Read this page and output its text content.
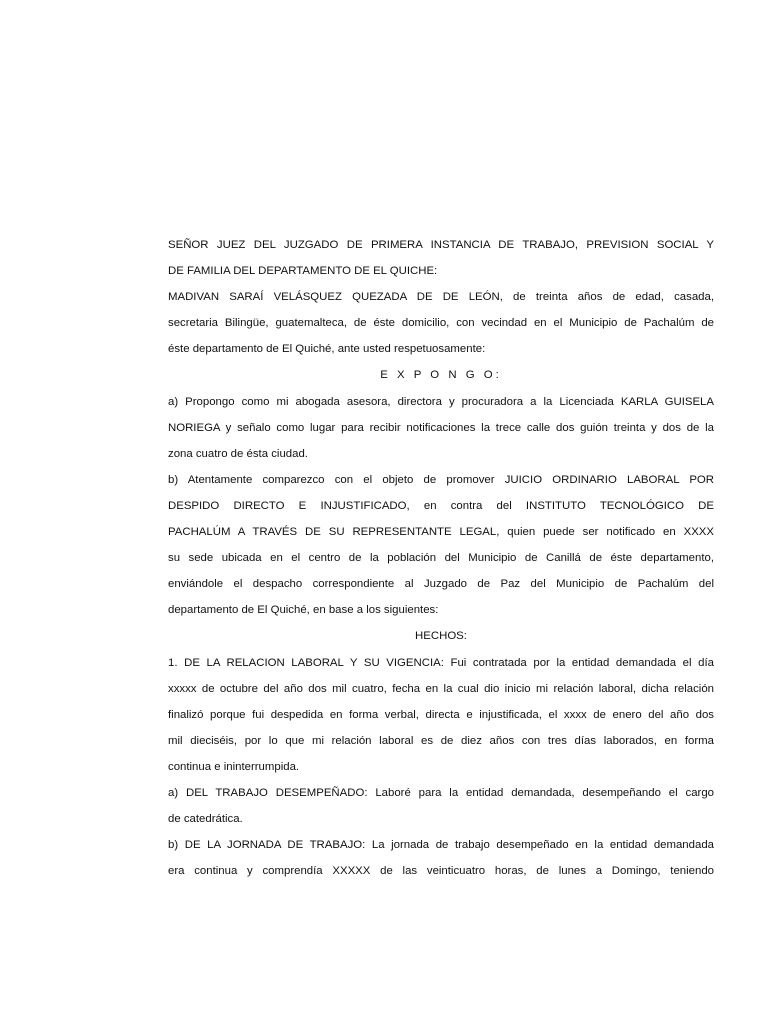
SEÑOR JUEZ DEL JUZGADO DE PRIMERA INSTANCIA DE TRABAJO, PREVISION SOCIAL Y
DE FAMILIA DEL DEPARTAMENTO DE EL QUICHE:
MADIVAN SARAÍ VELÁSQUEZ QUEZADA DE DE LEÓN, de treinta años de edad, casada,
secretaria Bilingüe, guatemalteca, de éste domicilio, con vecindad en el Municipio de Pachalúm de
éste departamento de El Quiché, ante usted respetuosamente:
E X P O N G O:
a) Propongo como mi abogada asesora, directora y procuradora a la Licenciada KARLA GUISELA
NORIEGA y señalo como lugar para recibir notificaciones la trece calle dos guión treinta y dos de la
zona cuatro de ésta ciudad.
b) Atentamente comparezco con el objeto de promover JUICIO ORDINARIO LABORAL POR
DESPIDO DIRECTO E INJUSTIFICADO, en contra del INSTITUTO TECNOLÓGICO DE
PACHALÚM A TRAVÉS DE SU REPRESENTANTE LEGAL, quien puede ser notificado en XXXX
su sede ubicada en el centro de la población del Municipio de Canillá de éste departamento,
enviándole el despacho correspondiente al Juzgado de Paz del Municipio de Pachalúm del
departamento de El Quiché, en base a los siguientes:
HECHOS:
1. DE LA RELACION LABORAL Y SU VIGENCIA: Fui contratada por la entidad demandada el día
xxxxx de octubre del año dos mil cuatro, fecha en la cual dio inicio mi relación laboral, dicha relación
finalizó porque fui despedida en forma verbal, directa e injustificada, el xxxx de enero del año dos
mil dieciséis, por lo que mi relación laboral es de diez años con tres días laborados, en forma
continua e ininterrumpida.
a) DEL TRABAJO DESEMPEÑADO: Laboré para la entidad demandada, desempeñando el cargo
de catedrática.
b) DE LA JORNADA DE TRABAJO: La jornada de trabajo desempeñado en la entidad demandada
era continua y comprendía XXXXX de las veinticuatro horas, de lunes a Domingo, teniendo
